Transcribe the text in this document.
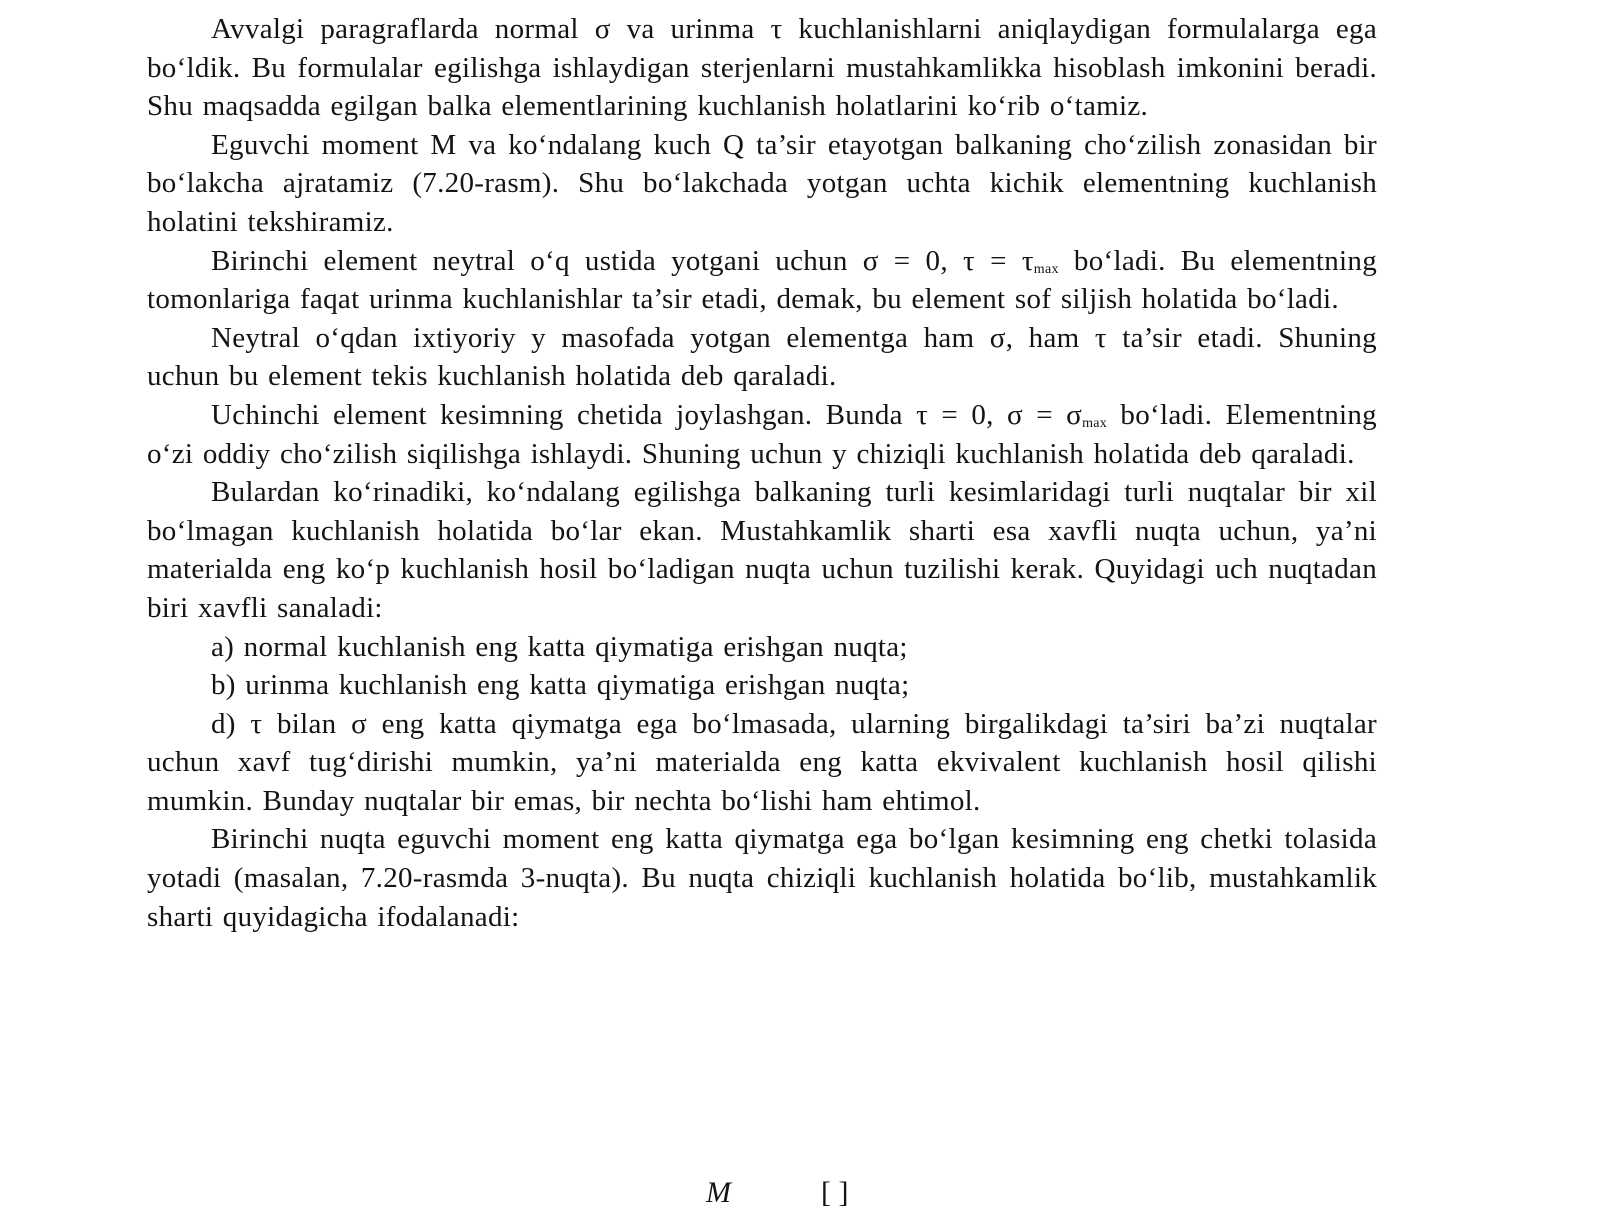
Avvalgi paragraflarda normal σ va urinma τ kuchlanishlarni aniqlaydigan formulalarga ega bo‘ldik. Bu formulalar egilishga ishlaydigan sterjenlarni mustahkamlikka hisoblash imkonini beradi. Shu maqsadda egilgan balka elementlarining kuchlanish holatlarini ko‘rib o‘tamiz.

Eguvchi moment M va ko‘ndalang kuch Q ta’sir etayotgan balkaning cho‘zilish zonasidan bir bo‘lakcha ajratamiz (7.20-rasm). Shu bo‘lakchada yotgan uchta kichik elementning kuchlanish holatini tekshiramiz.

Birinchi element neytral o‘q ustida yotgani uchun σ = 0, $\tau = \tau_{max}$ bo‘ladi. Bu elementning tomonlariga faqat urinma kuchlanishlar ta’sir etadi, demak, bu element sof siljish holatida bo‘ladi.

Neytral o‘qdan ixtiyoriy y masofada yotgan elementga ham σ, ham τ ta’sir etadi. Shuning uchun bu element tekis kuchlanish holatida deb qaraladi.

Uchinchi element kesimning chetida joylashgan. Bunda τ = 0, $\sigma = \sigma_{max}$ bo‘ladi. Elementning o‘zi oddiy cho‘zilish siqilishga ishlaydi. Shuning uchun y chiziqli kuchlanish holatida deb qaraladi.

Bulardan ko‘rinadiki, ko‘ndalang egilishga balkaning turli kesimlaridagi turli nuqtalar bir xil bo‘lmagan kuchlanish holatida bo‘lar ekan. Mustahkamlik sharti esa xavfli nuqta uchun, ya’ni materialda eng ko‘p kuchlanish hosil bo‘ladigan nuqta uchun tuzilishi kerak. Quyidagi uch nuqtadan biri xavfli sanaladi:

a) normal kuchlanish eng katta qiymatiga erishgan nuqta;

b) urinma kuchlanish eng katta qiymatiga erishgan nuqta;

d) τ bilan σ eng katta qiymatga ega bo‘lmasada, ularning birgalikdagi ta’siri ba’zi nuqtalar uchun xavf tug‘dirishi mumkin, ya’ni materialda eng katta ekvivalent kuchlanish hosil qilishi mumkin. Bunday nuqtalar bir emas, bir nechta bo‘lishi ham ehtimol.

Birinchi nuqta eguvchi moment eng katta qiymatga ega bo‘lgan kesimning eng chetki tolasida yotadi (masalan, 7.20-rasmda 3-nuqta). Bu nuqta chiziqli kuchlanish holatida bo‘lib, mustahkamlik sharti quyidagicha ifodalanadi:

M	[ ]
